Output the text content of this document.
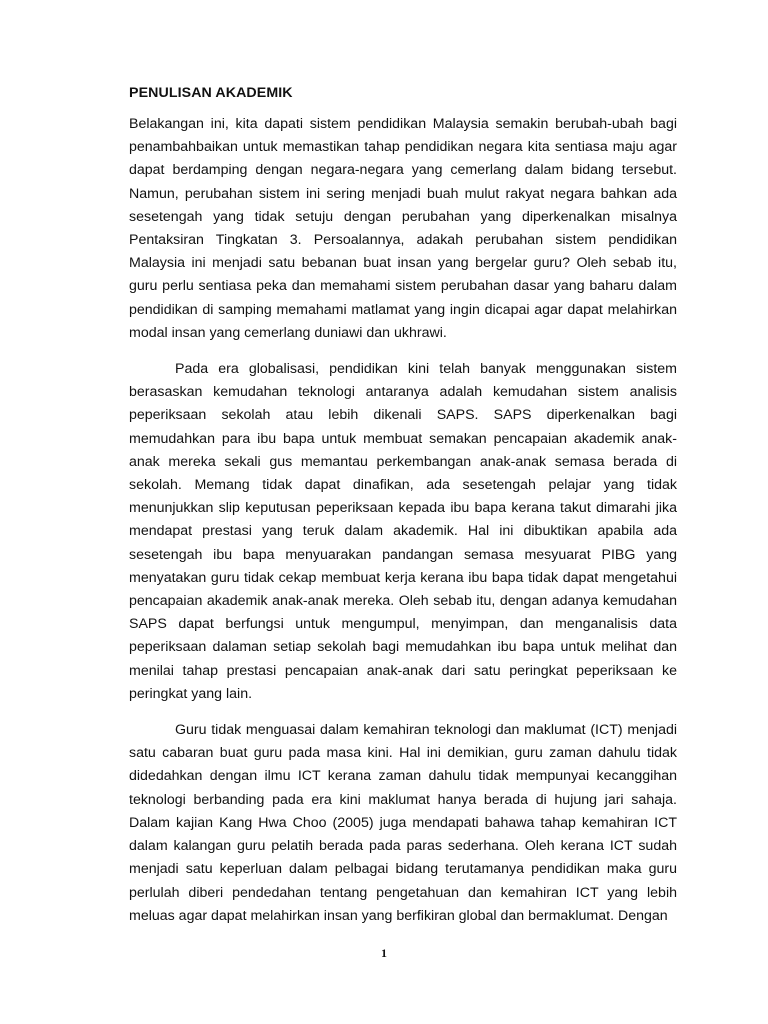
PENULISAN AKADEMIK

Belakangan ini, kita dapati sistem pendidikan Malaysia semakin berubah-ubah bagi penambahbaikan untuk memastikan tahap pendidikan negara kita sentiasa maju agar dapat berdamping dengan negara-negara yang cemerlang dalam bidang tersebut. Namun, perubahan sistem ini sering menjadi buah mulut rakyat negara bahkan ada sesetengah yang tidak setuju dengan perubahan yang diperkenalkan misalnya Pentaksiran Tingkatan 3. Persoalannya, adakah perubahan sistem pendidikan Malaysia ini menjadi satu bebanan buat insan yang bergelar guru? Oleh sebab itu, guru perlu sentiasa peka dan memahami sistem perubahan dasar yang baharu dalam pendidikan di samping memahami matlamat yang ingin dicapai agar dapat melahirkan modal insan yang cemerlang duniawi dan ukhrawi.

Pada era globalisasi, pendidikan kini telah banyak menggunakan sistem berasaskan kemudahan teknologi antaranya adalah kemudahan sistem analisis peperiksaan sekolah atau lebih dikenali SAPS. SAPS diperkenalkan bagi memudahkan para ibu bapa untuk membuat semakan pencapaian akademik anak-anak mereka sekali gus memantau perkembangan anak-anak semasa berada di sekolah. Memang tidak dapat dinafikan, ada sesetengah pelajar yang tidak menunjukkan slip keputusan peperiksaan kepada ibu bapa kerana takut dimarahi jika mendapat prestasi yang teruk dalam akademik. Hal ini dibuktikan apabila ada sesetengah ibu bapa menyuarakan pandangan semasa mesyuarat PIBG yang menyatakan guru tidak cekap membuat kerja kerana ibu bapa tidak dapat mengetahui pencapaian akademik anak-anak mereka. Oleh sebab itu, dengan adanya kemudahan SAPS dapat berfungsi untuk mengumpul, menyimpan, dan menganalisis data peperiksaan dalaman setiap sekolah bagi memudahkan ibu bapa untuk melihat dan menilai tahap prestasi pencapaian anak-anak dari satu peringkat peperiksaan ke peringkat yang lain.

Guru tidak menguasai dalam kemahiran teknologi dan maklumat (ICT) menjadi satu cabaran buat guru pada masa kini. Hal ini demikian, guru zaman dahulu tidak didedahkan dengan ilmu ICT kerana zaman dahulu tidak mempunyai kecanggihan teknologi berbanding pada era kini maklumat hanya berada di hujung jari sahaja. Dalam kajian Kang Hwa Choo (2005) juga mendapati bahawa tahap kemahiran ICT dalam kalangan guru pelatih berada pada paras sederhana. Oleh kerana ICT sudah menjadi satu keperluan dalam pelbagai bidang terutamanya pendidikan maka guru perlulah diberi pendedahan tentang pengetahuan dan kemahiran ICT yang lebih meluas agar dapat melahirkan insan yang berfikiran global dan bermaklumat. Dengan

1
